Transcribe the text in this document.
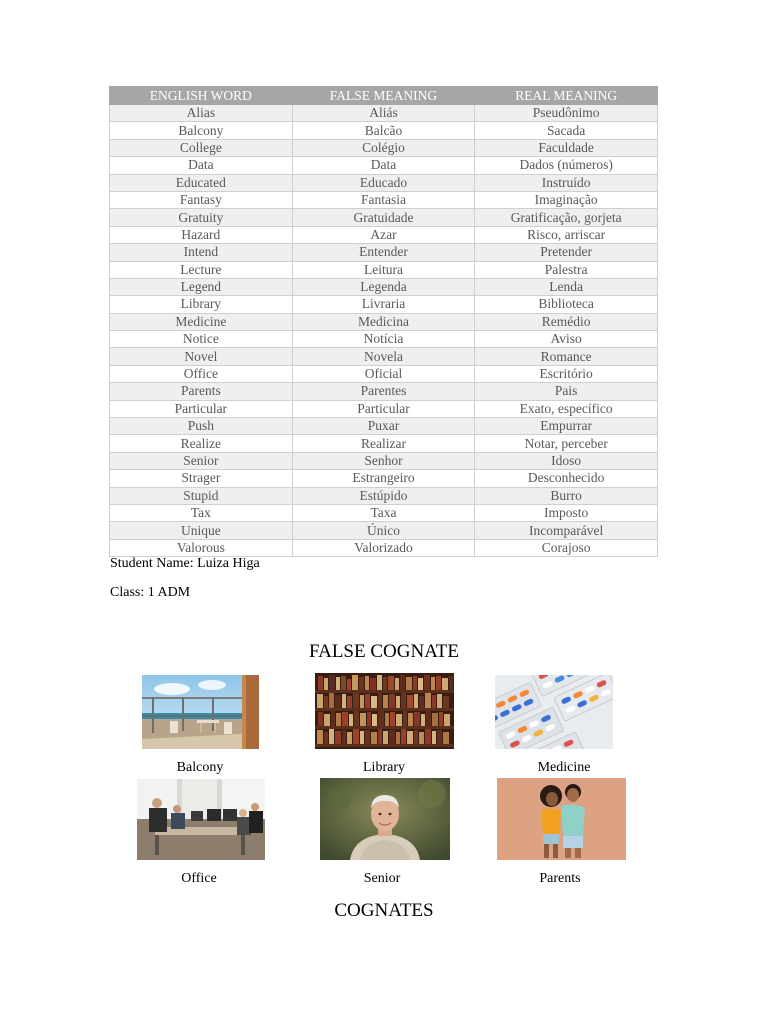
ENGLISH WORD	FALSE MEANING	REAL MEANING
Alias	Aliás	Pseudônimo
Balcony	Balcão	Sacada
College	Colégio	Faculdade
Data	Data	Dados (números)
Educated	Educado	Instruído
Fantasy	Fantasia	Imaginação
Gratuity	Gratuidade	Gratificação, gorjeta
Hazard	Azar	Risco, arriscar
Intend	Entender	Pretender
Lecture	Leitura	Palestra
Legend	Legenda	Lenda
Library	Livraria	Biblioteca
Medicine	Medicina	Remédio
Notice	Notícia	Aviso
Novel	Novela	Romance
Office	Oficial	Escritório
Parents	Parentes	Pais
Particular	Particular	Exato, específico
Push	Puxar	Empurrar
Realize	Realizar	Notar, perceber
Senior	Senhor	Idoso
Strager	Estrangeiro	Desconhecido
Stupid	Estúpido	Burro
Tax	Taxa	Imposto
Unique	Único	Incomparável
Valorous	Valorizado	Corajoso
Student Name: Luiza Higa
Class: 1 ADM
FALSE COGNATE
Balcony	Library	Medicine
Office	Senior	Parents
COGNATES
